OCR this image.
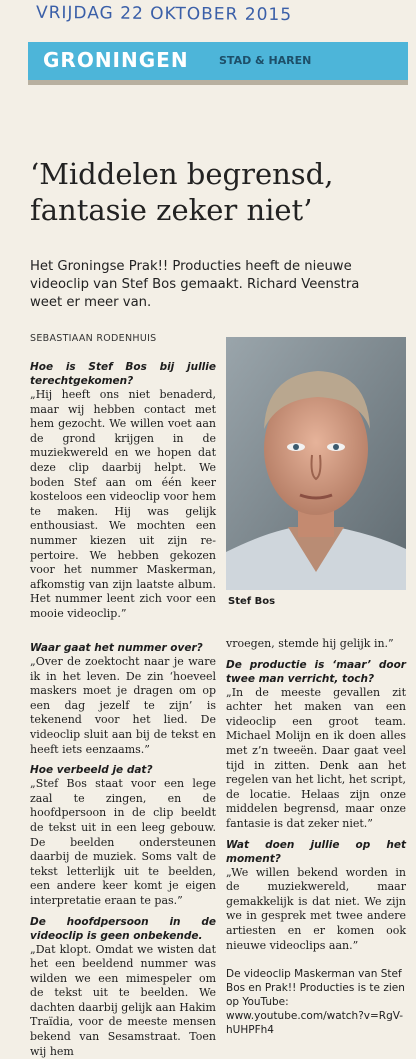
VRIJDAG 22 OKTOBER 2015
GRONINGEN	STAD & HAREN
‘Middelen begrensd, fantasie zeker niet’
Het Groningse Prak!! Producties heeft de nieuwe videoclip van Stef Bos gemaakt. Richard Veenstra weet er meer van.
SEBASTIAAN RODENHUIS

Hoe is Stef Bos bij jullie terechtgekomen?

„Hij heeft ons niet benaderd, maar wij hebben contact met hem gezocht. We willen voet aan de grond krijgen in de muziekwereld en we hopen dat deze clip daarbij helpt. We boden Stef aan om één keer kosteloos een videoclip voor hem te maken. Hij was gelijk enthousiast. We mochten een nummer kiezen uit zijn repertoire. We hebben gekozen voor het nummer Maskerman, afkomstig van zijn laatste album. Het nummer leent zich voor een mooie videoclip.”

Stef Bos

Waar gaat het nummer over?

„Over de zoektocht naar je ware ik in het leven. De zin ‘hoeveel maskers moet je dragen om op een dag jezelf te zijn’ is tekenend voor het lied. De videoclip sluit aan bij de tekst en heeft iets eenzaams.”

Hoe verbeeld je dat?

„Stef Bos staat voor een lege zaal te zingen, en de hoofdpersoon in de clip beeldt de tekst uit in een leeg gebouw. De beelden ondersteunen daarbij de muziek. Soms valt de tekst letterlijk uit te beelden, een andere keer komt je eigen interpretatie eraan te pas.”

De hoofdpersoon in de videoclip is geen onbekende.

„Dat klopt. Omdat we wisten dat het een beeldend nummer was wilden we een mimespeler om de tekst uit te beelden. We dachten daarbij gelijk aan Hakim Traïdia, voor de meeste mensen bekend van Sesamstraat. Toen wij hem

vroegen, stemde hij gelijk in.”

De productie is ‘maar’ door twee man verricht, toch?

„In de meeste gevallen zit achter het maken van een videoclip een groot team. Michael Molijn en ik doen alles met z’n tweeën. Daar gaat veel tijd in zitten. Denk aan het regelen van het licht, het script, de locatie. Helaas zijn onze middelen begrensd, maar onze fantasie is dat zeker niet.”

Wat doen jullie op het moment?

„We willen bekend worden in de muziekwereld, maar gemakkelijk is dat niet. We zijn we in gesprek met twee andere artiesten en er komen ook nieuwe videoclips aan.”

De videoclip Maskerman van Stef Bos en Prak!! Producties is te zien op YouTube: www.youtube.com/watch?v=RgV-hUHPFh4
